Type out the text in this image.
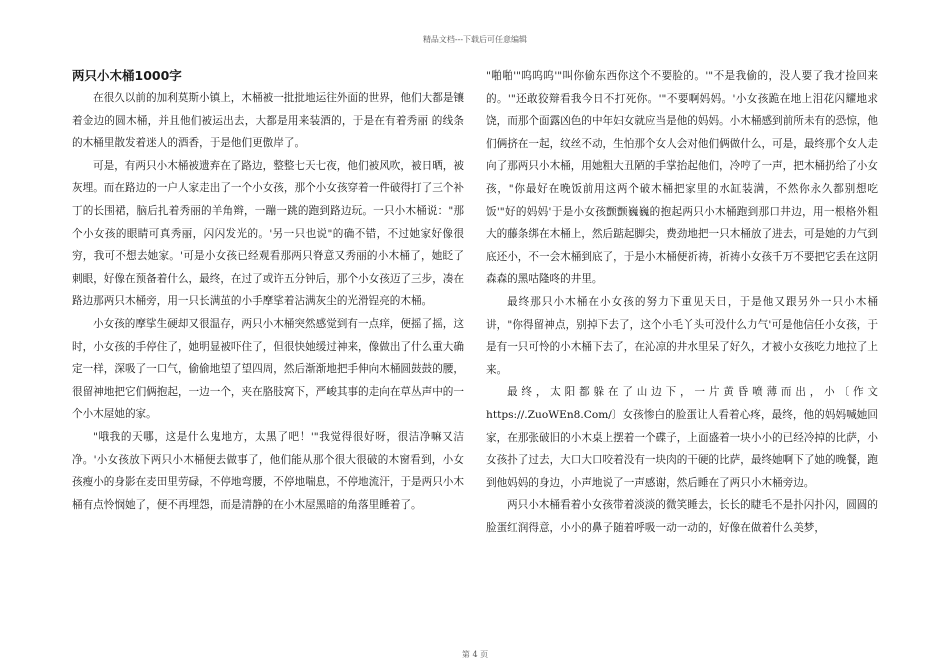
精品文档---下载后可任意编辑
两只小木桶1000字

在很久以前的加利莫斯小镇上，木桶被一批批地运往外面的世界，他们大都是镶着金边的圆木桶，并且他们被运出去，大都是用来装酒的，于是在有着秀丽 的线条的木桶里散发着迷人的酒香，于是他们更傲岸了。

可是，有两只小木桶被遗弃在了路边，整整七天七夜，他们被风吹，被日晒，被灰埋。而在路边的一户人家走出了一个小女孩，那个小女孩穿着一件破得打了三个补丁的长围裙，脑后扎着秀丽的羊角辫，一蹦一跳的跑到路边玩。一只小木桶说："那个小女孩的眼睛可真秀丽，闪闪发光的。'另一只也说"的确不错，不过她家好像很穷，我可不想去她家。'可是小女孩已经观看那两只脊意又秀丽的小木桶了，她眨了刺眼，好像在预备着什么，最终，在过了或许五分钟后，那个小女孩迈了三步，凑在路边那两只木桶旁，用一只长满茧的小手摩挲着沾满灰尘的光滑锃亮的木桶。

小女孩的摩挲生硬却又很温存，两只小木桶突然感觉到有一点痒，便摇了摇，这时，小女孩的手停住了，她明显被吓住了，但很快她缓过神来，像做出了什么重大确定一样，深吸了一口气，偷偷地望了望四周，然后渐渐地把手伸向木桶圆鼓鼓的腰，很留神地把它们俩抱起，一边一个，夹在胳肢窝下，严峻其事的走向在草丛声中的一个小木屋她的家。

"哦我的天哪，这是什么鬼地方，太黑了吧！'"我觉得很好呀，很洁净嘛又洁净。'小女孩放下两只小木桶便去做事了，他们能从那个很大很破的木窗看到，小女孩瘦小的身影在麦田里劳碌，不停地弯腰，不停地喘息，不停地流汗，于是两只小木桶有点怜悯她了，便不再埋怨，而是清静的在小木屋黑暗的角落里睡着了。

"啪啪'"呜呜呜'"叫你偷东西你这个不要脸的。'"不是我偷的，没人要了我才捡回来的。'"还敢狡辩看我今日不打死你。'"不要啊妈妈。'小女孩跪在地上泪花闪耀地求饶，而那个面露凶色的中年妇女就应当是他的妈妈。小木桶感到前所未有的恐惊，他们俩挤在一起，纹丝不动，生怕那个女人会对他们俩做什么，可是，最终那个女人走向了那两只小木桶，用她粗大丑陋的手掌抬起他们，冷哼了一声，把木桶扔给了小女孩，"你最好在晚饭前用这两个破木桶把家里的水缸装满，不然你永久都别想吃饭'"好的妈妈'于是小女孩颤颤巍巍的抱起两只小木桶跑到那口井边，用一根格外粗大的藤条绑在木桶上，然后踮起脚尖，费劲地把一只木桶放了进去，可是她的力气到底还小，不一会木桶到底了，于是小木桶便祈祷，祈祷小女孩千万不要把它丢在这阴森森的黑咕隆咚的井里。

最终那只小木桶在小女孩的努力下重见天日，于是他又跟另外一只小木桶讲，"你得留神点，别掉下去了，这个小毛丫头可没什么力气'可是他信任小女孩，于是有一只可怜的小木桶下去了，在沁凉的井水里呆了好久，才被小女孩吃力地拉了上来。

最终，太阳都躲在了山边下，一片黄昏喷薄而出，小〔作文https://.ZuoWEn8.Com/〕女孩惨白的脸蛋让人看着心疼，最终，他的妈妈喊她回家，在那张破旧的小木桌上摆着一个碟子，上面盛着一块小小的已经冷掉的比萨，小女孩扑了过去，大口大口咬着没有一块肉的干硬的比萨，最终她啊下了她的晚餐，跑到他妈妈的身边，小声地说了一声感谢，然后睡在了两只小木桶旁边。

两只小木桶看着小女孩带着淡淡的微笑睡去，长长的睫毛不是扑闪扑闪，圆圆的脸蛋红润得意，小小的鼻子随着呼吸一动一动的，好像在做着什么美梦，

第 4 页
